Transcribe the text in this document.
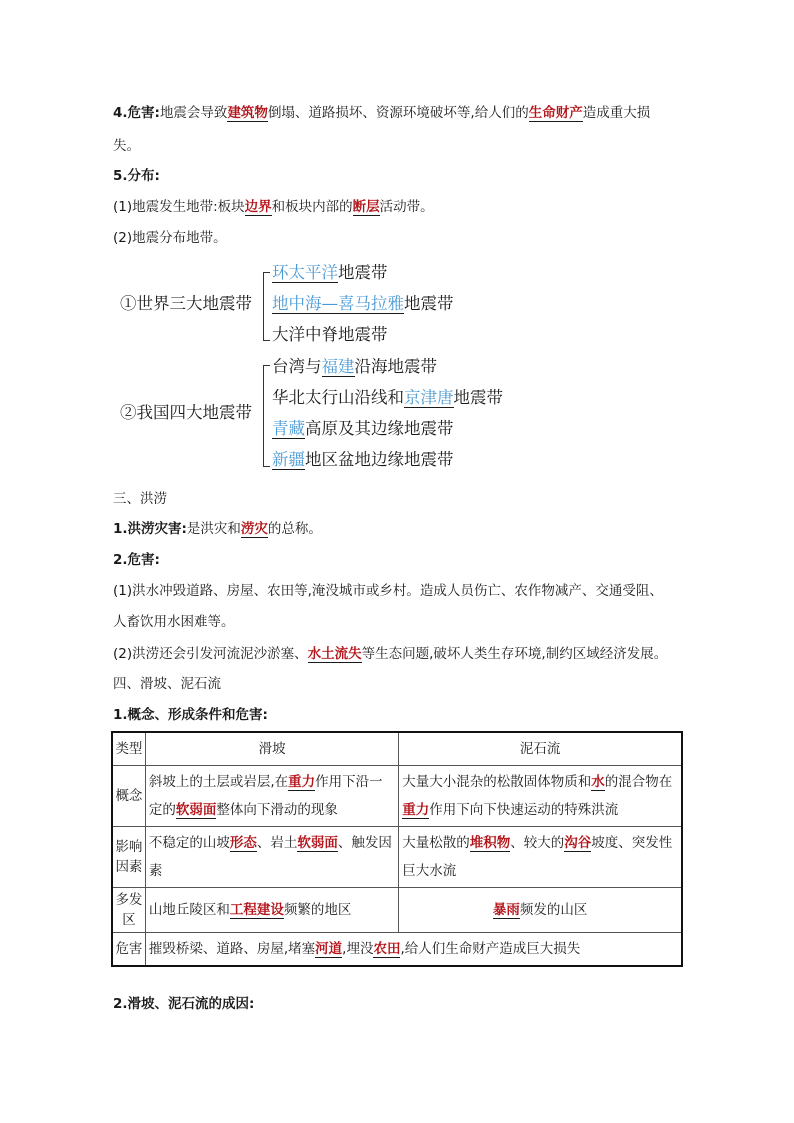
4.危害:地震会导致建筑物倒塌、道路损坏、资源环境破坏等,给人们的生命财产造成重大损
失。
5.分布:
(1)地震发生地带:板块边界和板块内部的断层活动带。
(2)地震分布地带。
①世界三大地震带
环太平洋地震带
地中海—喜马拉雅地震带
大洋中脊地震带
②我国四大地震带
台湾与福建沿海地震带
华北太行山沿线和京津唐地震带
青藏高原及其边缘地震带
新疆地区盆地边缘地震带
三、洪涝
1.洪涝灾害:是洪灾和涝灾的总称。
2.危害:
(1)洪水冲毁道路、房屋、农田等,淹没城市或乡村。造成人员伤亡、农作物减产、交通受阻、
人畜饮用水困难等。
(2)洪涝还会引发河流泥沙淤塞、水土流失等生态问题,破坏人类生存环境,制约区域经济发展。
四、滑坡、泥石流
1.概念、形成条件和危害:
类型	滑坡	泥石流
概念	斜坡上的土层或岩层,在重力作用下沿一定的软弱面整体向下滑动的现象	大量大小混杂的松散固体物质和水的混合物在重力作用下向下快速运动的特殊洪流
影响因素	不稳定的山坡形态、岩土软弱面、触发因素	大量松散的堆积物、较大的沟谷坡度、突发性巨大水流
多发区	山地丘陵区和工程建设频繁的地区	暴雨频发的山区
危害	摧毁桥梁、道路、房屋,堵塞河道,埋没农田,给人们生命财产造成巨大损失	
2.滑坡、泥石流的成因:
